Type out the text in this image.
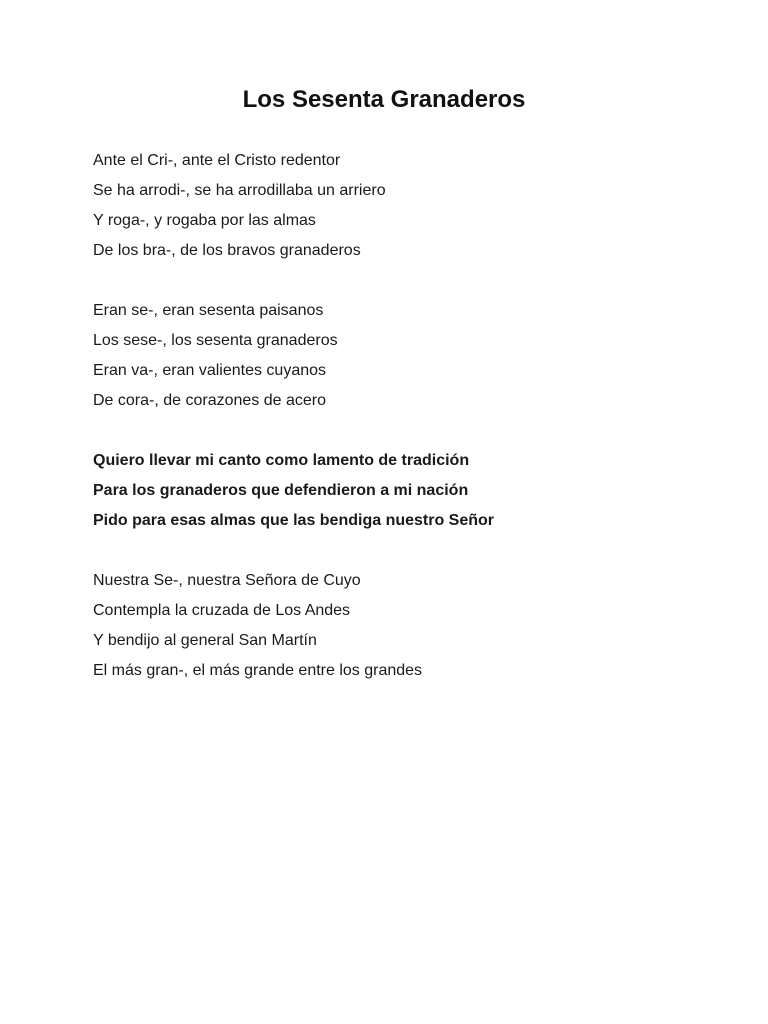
Los Sesenta Granaderos
Ante el Cri-, ante el Cristo redentor
Se ha arrodi-, se ha arrodillaba un arriero
Y roga-, y rogaba por las almas
De los bra-, de los bravos granaderos
Eran se-, eran sesenta paisanos
Los sese-, los sesenta granaderos
Eran va-, eran valientes cuyanos
De cora-, de corazones de acero
Quiero llevar mi canto como lamento de tradición
Para los granaderos que defendieron a mi nación
Pido para esas almas que las bendiga nuestro Señor
Nuestra Se-, nuestra Señora de Cuyo
Contempla la cruzada de Los Andes
Y bendijo al general San Martín
El más gran-, el más grande entre los grandes
